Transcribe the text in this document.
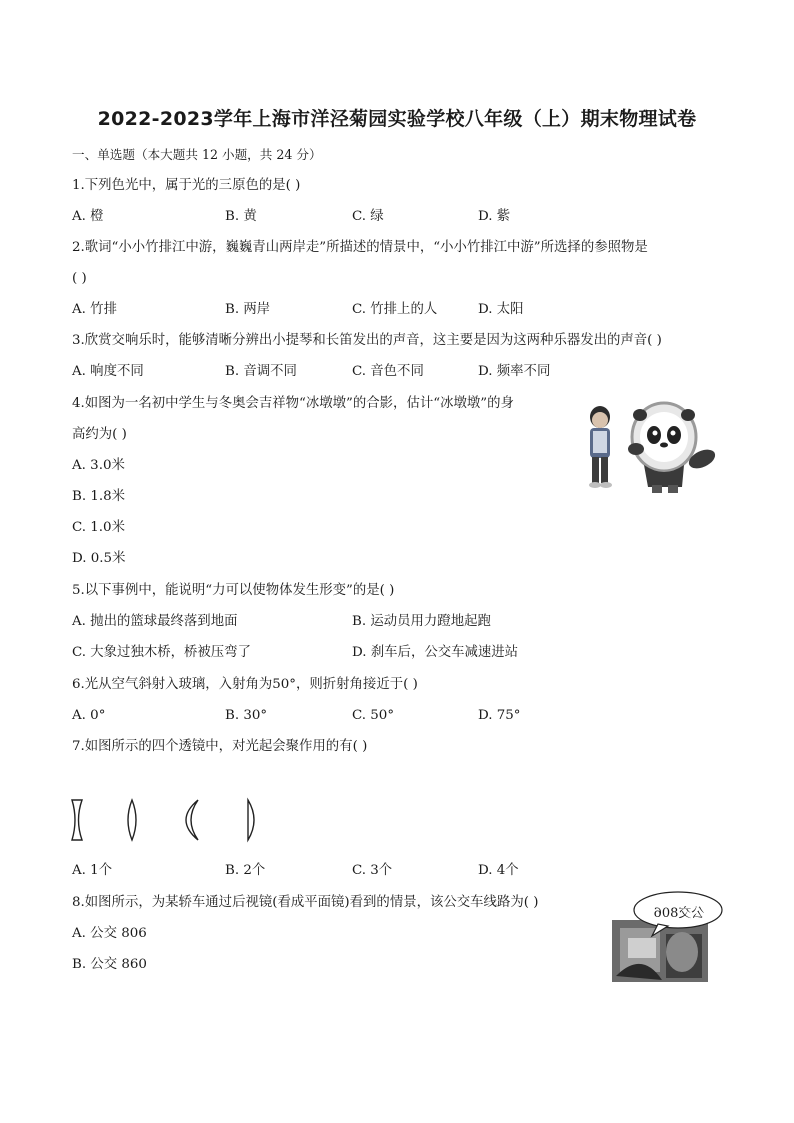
2022-2023学年上海市洋泾菊园实验学校八年级（上）期末物理试卷
一、单选题（本大题共 12 小题，共 24 分）
1.下列色光中，属于光的三原色的是( )
A. 橙	B. 黄	C. 绿	D. 紫
2.歌词“小小竹排江中游，巍巍青山两岸走”所描述的情景中，“小小竹排江中游”所选择的参照物是
( )
A. 竹排	B. 两岸	C. 竹排上的人	D. 太阳
3.欣赏交响乐时，能够清晰分辨出小提琴和长笛发出的声音，这主要是因为这两种乐器发出的声音( )
A. 响度不同	B. 音调不同	C. 音色不同	D. 频率不同
4.如图为一名初中学生与冬奥会吉祥物“冰墩墩”的合影，估计“冰墩墩”的身
高约为( )
A. 3.0米
B. 1.8米
C. 1.0米
D. 0.5米
5.以下事例中，能说明“力可以使物体发生形变”的是( )
A. 抛出的篮球最终落到地面	B. 运动员用力蹬地起跑
C. 大象过独木桥，桥被压弯了	D. 刹车后，公交车减速进站
6.光从空气斜射入玻璃，入射角为50°，则折射角接近于( )
A. 0°	B. 30°	C. 50°	D. 75°
7.如图所示的四个透镜中，对光起会聚作用的有( )
A. 1个	B. 2个	C. 3个	D. 4个
8.如图所示，为某轿车通过后视镜(看成平面镜)看到的情景，该公交车线路为( )
A. 公交 806
B. 公交 860
公交806
